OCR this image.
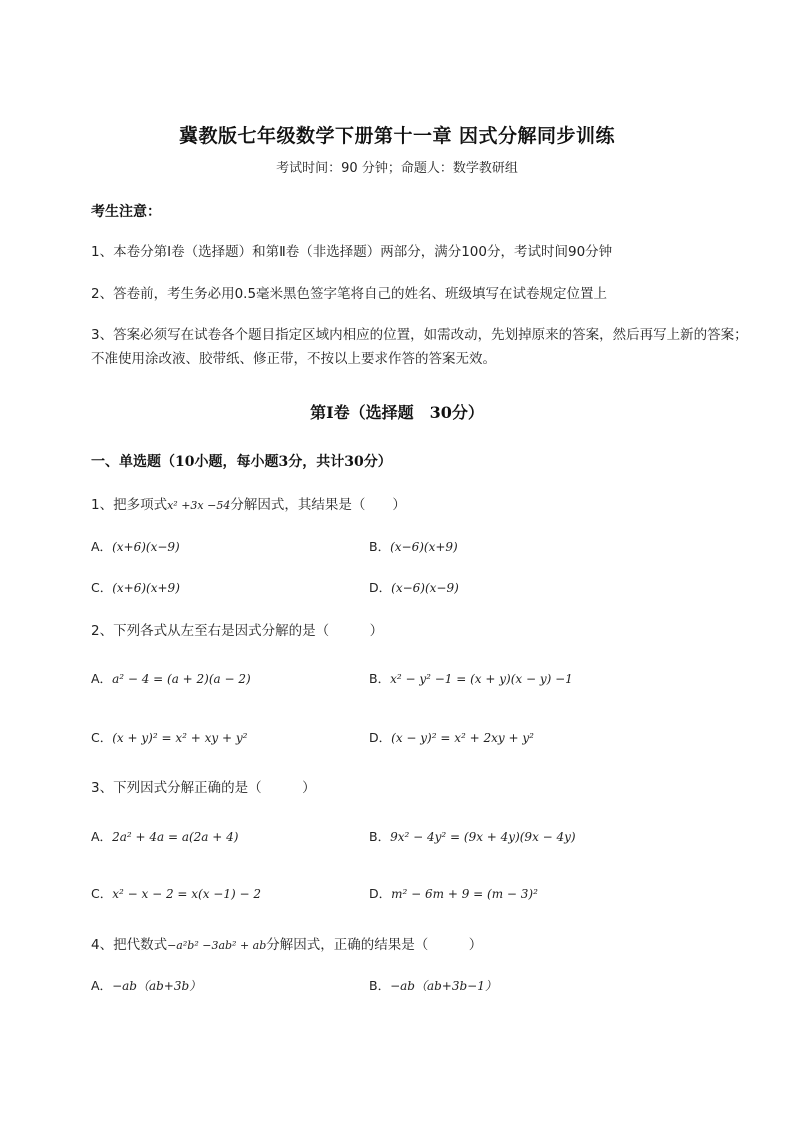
冀教版七年级数学下册第十一章 因式分解同步训练
考试时间：90 分钟；命题人：数学教研组
考生注意：
1、本卷分第Ⅰ卷（选择题）和第Ⅱ卷（非选择题）两部分，满分100分，考试时间90分钟
2、答卷前，考生务必用0.5毫米黑色签字笔将自己的姓名、班级填写在试卷规定位置上
3、答案必须写在试卷各个题目指定区域内相应的位置，如需改动，先划掉原来的答案，然后再写上新的答案；不准使用涂改液、胶带纸、修正带，不按以上要求作答的答案无效。
第Ⅰ卷（选择题　30分）
一、单选题（10小题，每小题3分，共计30分）
1、把多项式x² +3x −54分解因式，其结果是（　　）
A．(x+6)(x−9)	B．(x−6)(x+9)
C．(x+6)(x+9)	D．(x−6)(x−9)
2、下列各式从左至右是因式分解的是（　　　）
A．a² − 4 = (a + 2)(a − 2)	B．x² − y² −1 = (x + y)(x − y) −1
C．(x + y)² = x² + xy + y²	D．(x − y)² = x² + 2xy + y²
3、下列因式分解正确的是（　　　）
A．2a² + 4a = a(2a + 4)	B．9x² − 4y² = (9x + 4y)(9x − 4y)
C．x² − x − 2 = x(x −1) − 2	D．m² − 6m + 9 = (m − 3)²
4、把代数式−a²b² −3ab² + ab分解因式，正确的结果是（　　　）
A．−ab（ab+3b）	B．−ab（ab+3b−1）
